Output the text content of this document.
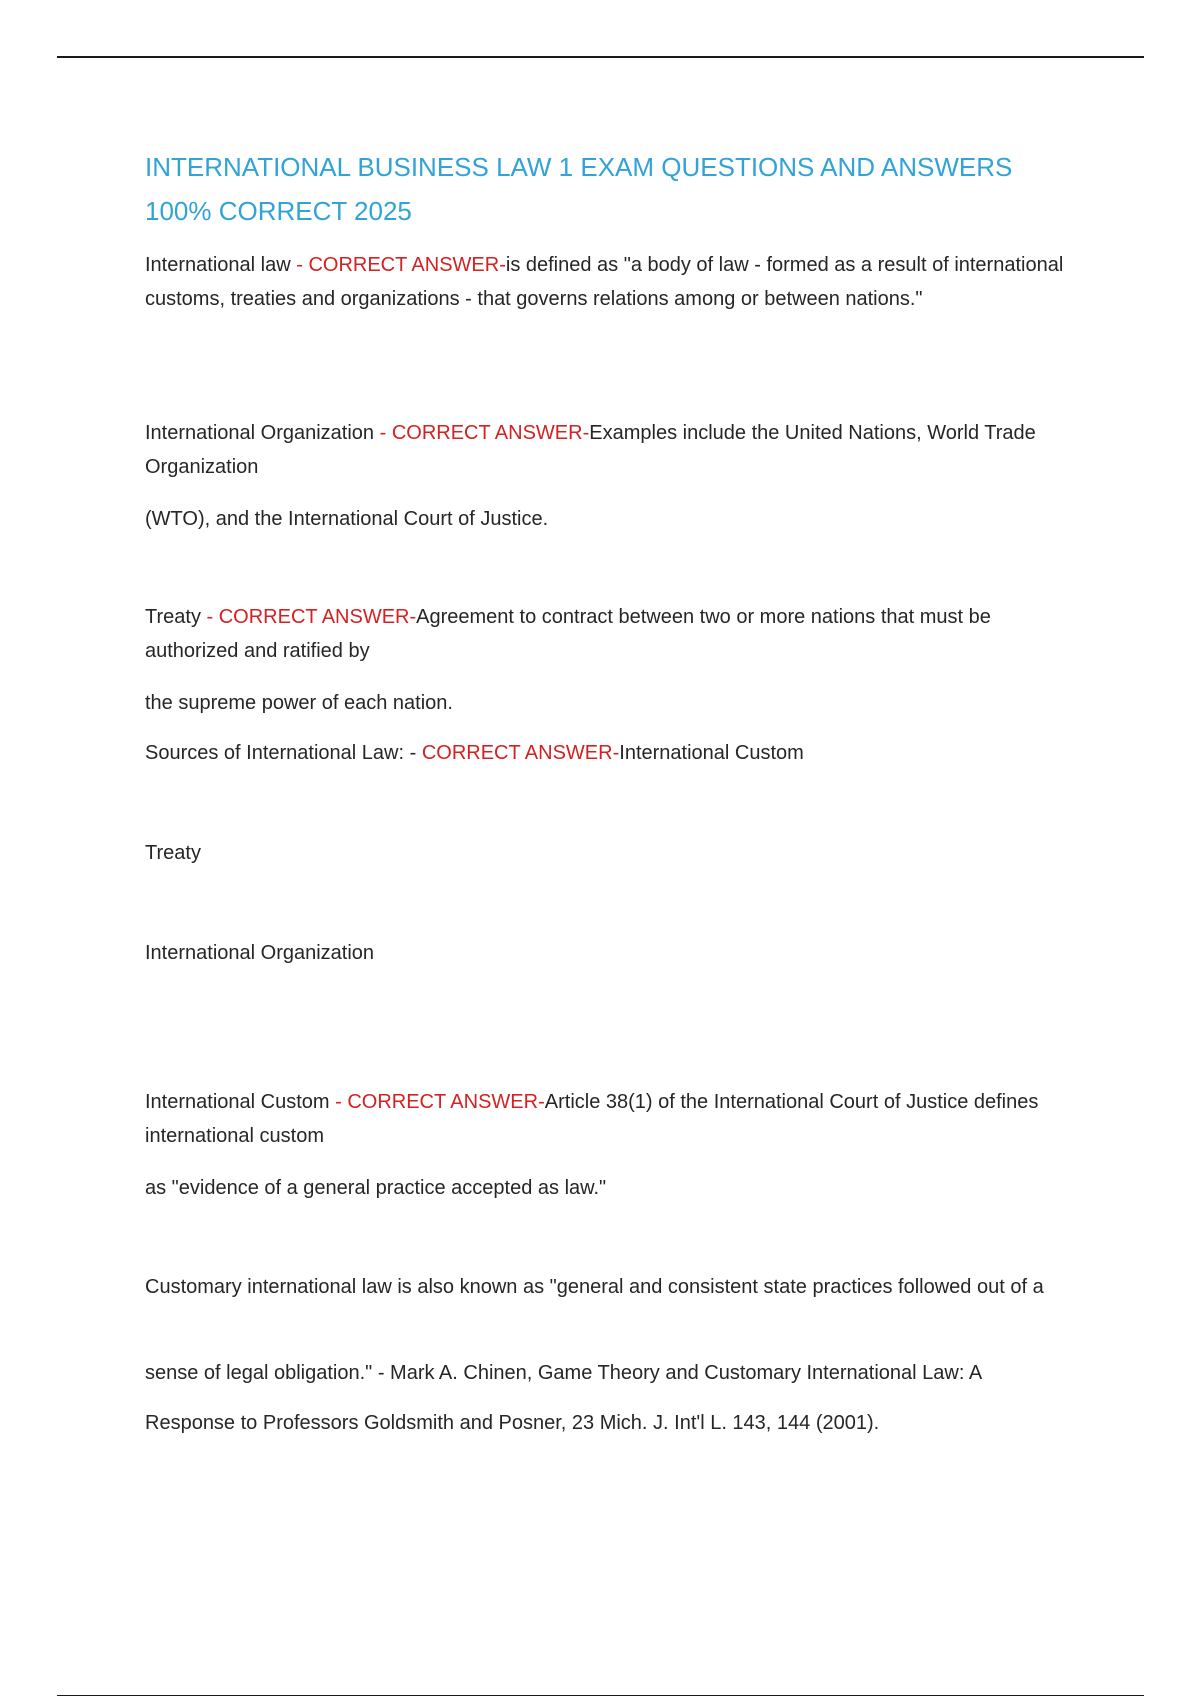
INTERNATIONAL BUSINESS LAW 1 EXAM QUESTIONS AND ANSWERS 100% CORRECT 2025

International law - CORRECT ANSWER-is defined as "a body of law - formed as a result of international customs, treaties and organizations - that governs relations among or between nations."

International Organization - CORRECT ANSWER-Examples include the United Nations, World Trade Organization

(WTO), and the International Court of Justice.

Treaty - CORRECT ANSWER-Agreement to contract between two or more nations that must be authorized and ratified by

the supreme power of each nation.

Sources of International Law: - CORRECT ANSWER-International Custom

Treaty

International Organization

International Custom - CORRECT ANSWER-Article 38(1) of the International Court of Justice defines international custom

as "evidence of a general practice accepted as law."

Customary international law is also known as "general and consistent state practices followed out of a

sense of legal obligation." - Mark A. Chinen, Game Theory and Customary International Law: A

Response to Professors Goldsmith and Posner, 23 Mich. J. Int'l L. 143, 144 (2001).
